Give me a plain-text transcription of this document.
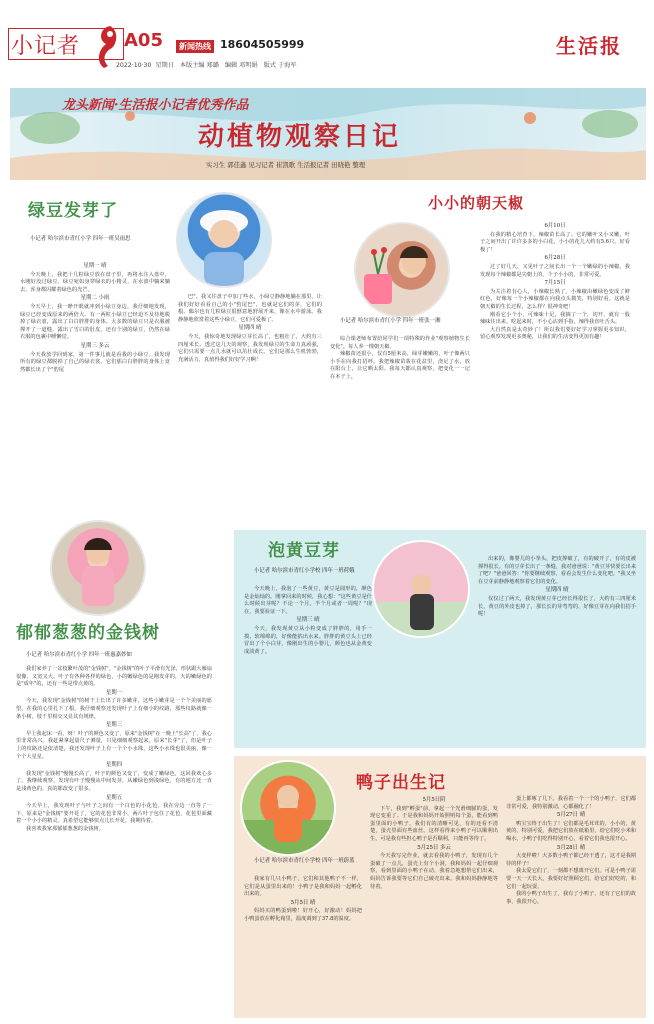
小记者 A05	新闻热线 18604505999	生活报
2022·10·30  星期日   本版主编 郑璐   编辑 邓明娟   版式 于海军
龙头新闻·生活报小记者优秀作品
动植物观察日记
实习生 郭佳鑫 见习记者 崔凯歌 生活报记者 田晓艳 整理
绿豆发芽了
小记者 哈尔滨市青红小学 四年一班吴雨思

星期一 晴

今天晚上，我把十几粒绿豆放在盘子里，再将水注入盘中，水刚好没过绿豆。绿豆宛如身穿绿衣的小精灵，在水波中躺来躺去，浑身都闪耀着绿色的光芒。

星期二 小雨

今天早上，我一睁开眼就冲到小绿豆身边。我仔细地发现，绿豆已经变成原来的两倍大。有一两粒小绿豆已经迫不及待地脱掉了绿衣裳，露出了白白胖胖的身体。大多数的绿豆只是衣服被撑开了一道缝，露出了雪白的肚皮。还有个别的绿豆，仍然在绿衣服的包裹中睡懒觉。

星期三 多云

今天我放学回到家，第一件事儿就是看我的小绿豆。我发现所有的绿豆都脱掉了自己的绿衣裳。它们那白白胖胖的身体上竟然都长出了个"豹尾

巴"。我又往盘子中加了些水，小绿豆静静地躺在那里。让我们好好看看自己的小"豹尾巴"，也就是它们的芽，它们的根。偶尔也有几粒绿豆很惬意地舒展开来，像在水中游泳。我静静地欣赏着这些小绿豆，它们可爱极了。

星期四 晴

今天，我惊奇地发现绿豆芽长高了，也粗壮了，大约有三四厘米长。透过这几天的观察，我发现绿豆的生命力真顽强，它们只需要一点儿水就可以茁壮成长。它们是那么生机勃勃，充满活力，真值得我们好好学习啊！

小小的朝天椒
小记者 哈尔滨市青红小学 四年一班张一湘

综合课老师布置给同学们一项特殊的作业"观察植物生长变化"。每人养一棵朝天椒。

辣椒苗还很小，仅有5厘米高，绿芽嫩嫩的，叶子像两只小手在向我打招呼。我把辣椒苗栽在花盆里，浇足了水，放在阳台上，让它晒太阳。我每天都认真观察，把变化一一记在本子上。

6月10日

在我的精心培育下，辣椒苗长高了。它的嫩叶又小又嫩，叶子之间开出了许许多多的小白花，小小的花儿大约有5.6只，好看极了！

6月28日

过了好几天，又见叶子之间长出一个一个嫩绿的小辣椒。我发现每个辣椒都是尖朝上的，个子小小的，非常可爱。

7月15日

为关注着有心人，小辣椒长熟了。小辣椒由嫩绿色变成了鲜红色，好像每一个小辣椒都在向我点头微笑，特别好看。这就是朝天椒的生长过程，怎么样？很神奇吧！

刚看它小个小，可辣味十足，我摘了一个，切开，就有一股辣味往出来。吃起来时，不小心沾到手指，辣得我直吐舌头。

大自然真是太奇妙了！所以我们要好好学习掌握更多知识，留心观察发现更多奥秘，让我们的生活变得更加有趣！

郁郁葱葱的金钱树
小记者 哈尔滨市青红小学 四年一班惠嘉妙如

我们家养了一盆枝繁叶茂的"金钱树"。"金钱树"的叶子平滑有光泽，形状跟大雁扇很像，又宽又大。叶子有各种各样的绿色，小的嫩绿色的是刚发芽的，大的嫩绿色的是"成年"的，还有一些是带点黄的。

星期一

今天，我发现"金钱树"的树干上长出了许多嫩芽，这些小嫩芽是一个个美丽的愿望，在我的心里扎下了根。我仔细观察还发现叶子上有细小的纹路，那些纹路就像一条小树，枝干里相交又显其有规律。

星期三

早上我起床一看，呀！叶子的颜色又变了，原来"金钱树"在一晚上"长高"了，我心里非常高兴。我赶紧拿起量尺子测量，只见细细观察起来，原来"长芽"了，但是叶子上的纹路还是依清楚，我还发现叶子上有一个个小水珠，这些小水珠也很美丽，像一个个大星星。

星期四

我发现"金钱树"慢慢长高了，叶子的颜色又变了，变成了嫩绿色，这回我欢心多了。我继续观察，发现有叶子慢慢从中间发芽，从嫩绿色到浅绿色，有的地方还一直是浅黄色的，真的都改变了很多。

星期五

今天早上，我发现叶子与叶子之间有一个白色的小花苞，我在旁边一直等了一下，原来是"金钱树"要开花了，它的花苞非常小，两片叶子包住了花苞，花苞里面藏着一个小小的精灵。真希望它能够快点儿长开花，我期待着。

我喜欢我家那郁郁葱葱的金钱树。

泡黄豆芽
小记者 哈尔滨市青红小学校 四年一班荷娥

今天晚上，我泡了一些黄豆，黄豆是圆形的，颜色是金灿灿的。刚拿回来的时候，我心想："这些黄豆是什么时候出芽呢？不论一个月，半个月或者一周呢？"现在，我要验证一下。

星期三 晴

今天，我发现黄豆从小粒变成了胖胖的，用手一摸，软绵绵的，好像能掐出水来。胖胖的黄豆头上已经冒出了个小白芽，像刚出生的小婴儿，颜色也从金黄变成淡黄了。

出来的，像婴儿的小拳头，把皮撑破了，有的破开了，有的皮被撑得很长。有的豆芽长出了一条缝，我对爸爸说："黄豆芽快要长出来了吧？"爸爸回答："你要继续观察，看看会发生什么变化吧。"我又坐在豆芽前静静地观察着它们的变化。

星期四 晴

仅仅过了两天，我发现黄豆芽已经长得很长了，大约有三四厘米长，黄豆的外皮也掉了，那长长的芽弯弯的，好像豆芽在向我们招手呢！

鸭子出生记
小记者 哈尔滨市青红小学校 四年一班蔚蓝

我家有几只小鸭子，它们和其他鸭子不一样，它们是从蛋里出来的！小鸭子是我和妈妈一起孵化出来的。

5月5日 晴

妈妈买的鸭蛋到啦！好开心，好激动！妈妈把小鸭蛋放在孵化箱里，温度调到了37.8的温度。

5月5日阴

下午，我到"孵蛋"前，拿起一个光滑细腻的蛋，发现它变重了。于是我和妈妈开始照明每个蛋，能看到鸭蛋里面的小鸭子。我们有的清晰可见，有的还看不清楚，蛋壳里面有些血丝。这样看得来小鸭子可以顺利出生，可是我有些担心鸭子是否顺利，只能再等待了。

5月25日 多云

今天我写完作业，就去看我的小鸭子，发现有几个蛋破了一点儿，蛋壳上有个小洞，我和妈妈一起仔细观察，看到里面的小鸭子在动，我着急地想帮它们出来，妈妈告诉我要等它们自己破壳出来。我和妈妈静静地等待着。

蛋上都啄了几下。我看着一个一个的小鸭子，它们都非常可爱，我特别激动，心都融化了！

5月27日 晴

鸭宝宝终于出生了！它们都是毛茸茸的，小小的，黄黄的，特别可爱，我把它们放在纸箱里，给它们吃小米和喝水，小鸭子们吃得特别开心，看着它们我也很开心。

5月28日 晴

大变样啦！大多数小鸭子都已经干透了，这才是我期待的样子！

我太爱它们了，一刻都不想离开它们。可是小鸭子需要一天一天长大，我要好好照顾它们，给它们好吃的，和它们一起玩耍。

我的小鸭子出生了，我有了小鸭子，还有了它们的故事，我很开心。
